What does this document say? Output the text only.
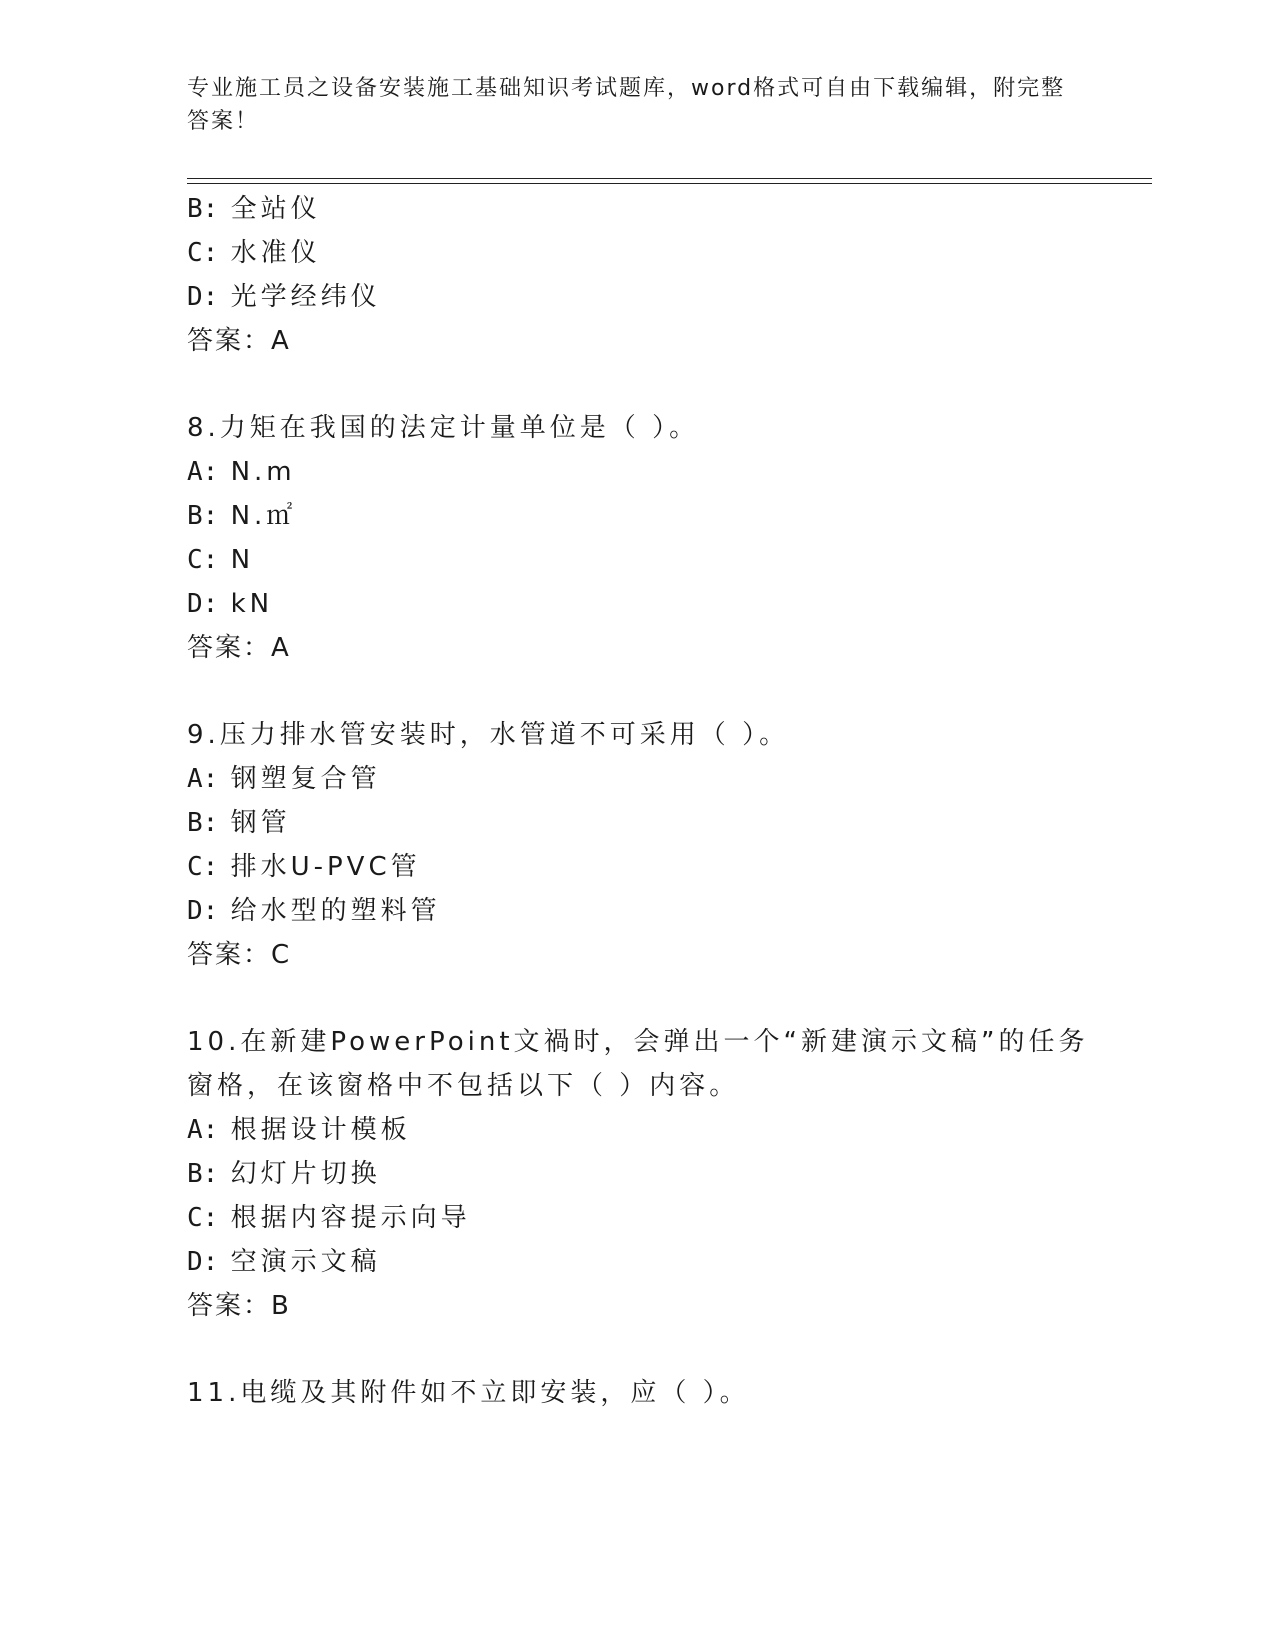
专业施工员之设备安装施工基础知识考试题库，word格式可自由下载编辑，附完整答案！
B: 全站仪
C: 水准仪
D: 光学经纬仪
答案：A
8.力矩在我国的法定计量单位是（ ）。
A: N.m
B: N.㎡
C: N
D: kN
答案：A
9.压力排水管安装时，水管道不可采用（ ）。
A: 钢塑复合管
B: 钢管
C: 排水U-PVC管
D: 给水型的塑料管
答案：C
10.在新建PowerPoint文禍时，会弹出一个“新建演示文稿”的任务
窗格，在该窗格中不包括以下（ ）内容。
A: 根据设计模板
B: 幻灯片切换
C: 根据内容提示向导
D: 空演示文稿
答案：B
11.电缆及其附件如不立即安装，应（ ）。
